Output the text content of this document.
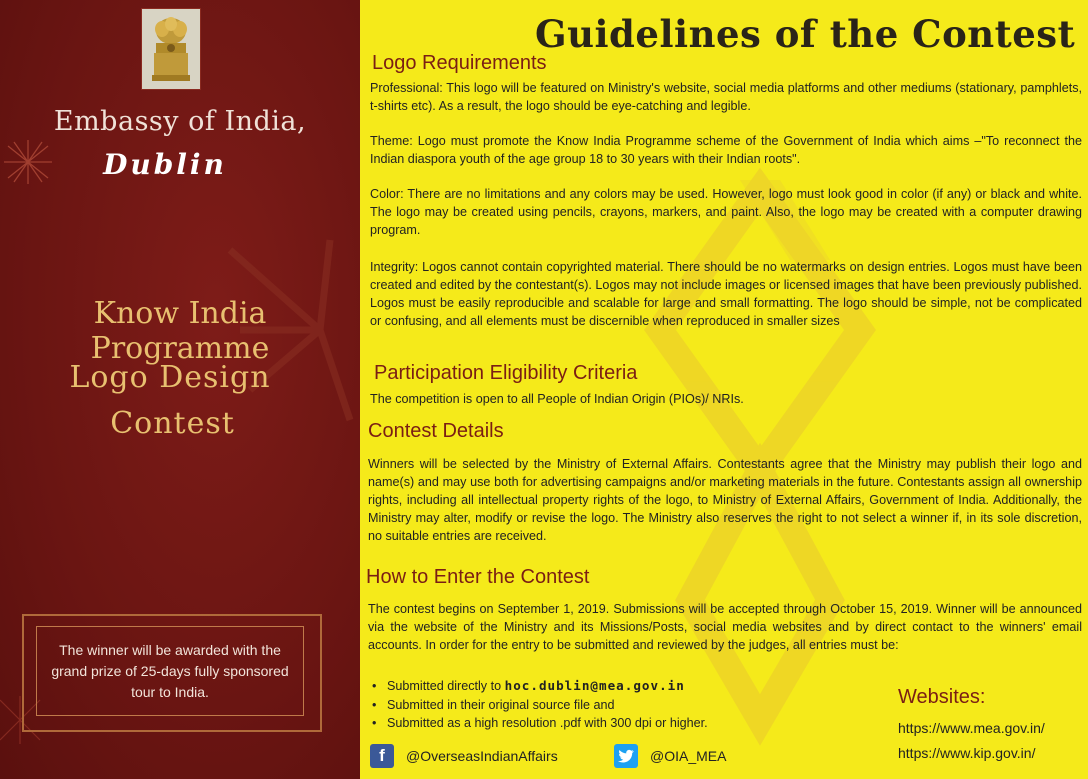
Embassy of India,
Dublin
Know India Programme
Logo Design
Contest
The winner will be awarded with the grand prize of 25-days fully sponsored tour to India.
Guidelines of the Contest
Logo Requirements
Professional: This logo will be featured on Ministry's website, social media platforms and other mediums (stationary, pamphlets, t-shirts etc). As a result, the logo should be eye-catching and legible.
Theme: Logo must promote the Know India Programme scheme of the Government of India which aims –"To reconnect the Indian diaspora youth of the age group 18 to 30 years with their Indian roots".
Color: There are no limitations and any colors may be used. However, logo must look good in color (if any) or black and white. The logo may be created using pencils, crayons, markers, and paint. Also, the logo may be created with a computer drawing program.
Integrity: Logos cannot contain copyrighted material. There should be no watermarks on design entries. Logos must have been created and edited by the contestant(s). Logos may not include images or licensed images that have been previously published. Logos must be easily reproducible and scalable for large and small formatting. The logo should be simple, not be complicated or confusing, and all elements must be discernible when reproduced in smaller sizes
Participation Eligibility Criteria
The competition is open to all People of Indian Origin (PIOs)/ NRIs.
Contest Details
Winners will be selected by the Ministry of External Affairs. Contestants agree that the Ministry may publish their logo and name(s) and may use both for advertising campaigns and/or marketing materials in the future. Contestants assign all ownership rights, including all intellectual property rights of the logo, to Ministry of External Affairs, Government of India. Additionally, the Ministry may alter, modify or revise the logo. The Ministry also reserves the right to not select a winner if, in its sole discretion, no suitable entries are received.
How to Enter the Contest
The contest begins on September 1, 2019. Submissions will be accepted through October 15, 2019. Winner will be announced via the website of the Ministry and its Missions/Posts, social media websites and by direct contact to the winners' email accounts. In order for the entry to be submitted and reviewed by the judges, all entries must be:
• Submitted directly to hoc.dublin@mea.gov.in
• Submitted in their original source file and
• Submitted as a high resolution .pdf with 300 dpi or higher.
Websites:
https://www.mea.gov.in/
https://www.kip.gov.in/
f	@OverseasIndianAffairs	@OIA_MEA
